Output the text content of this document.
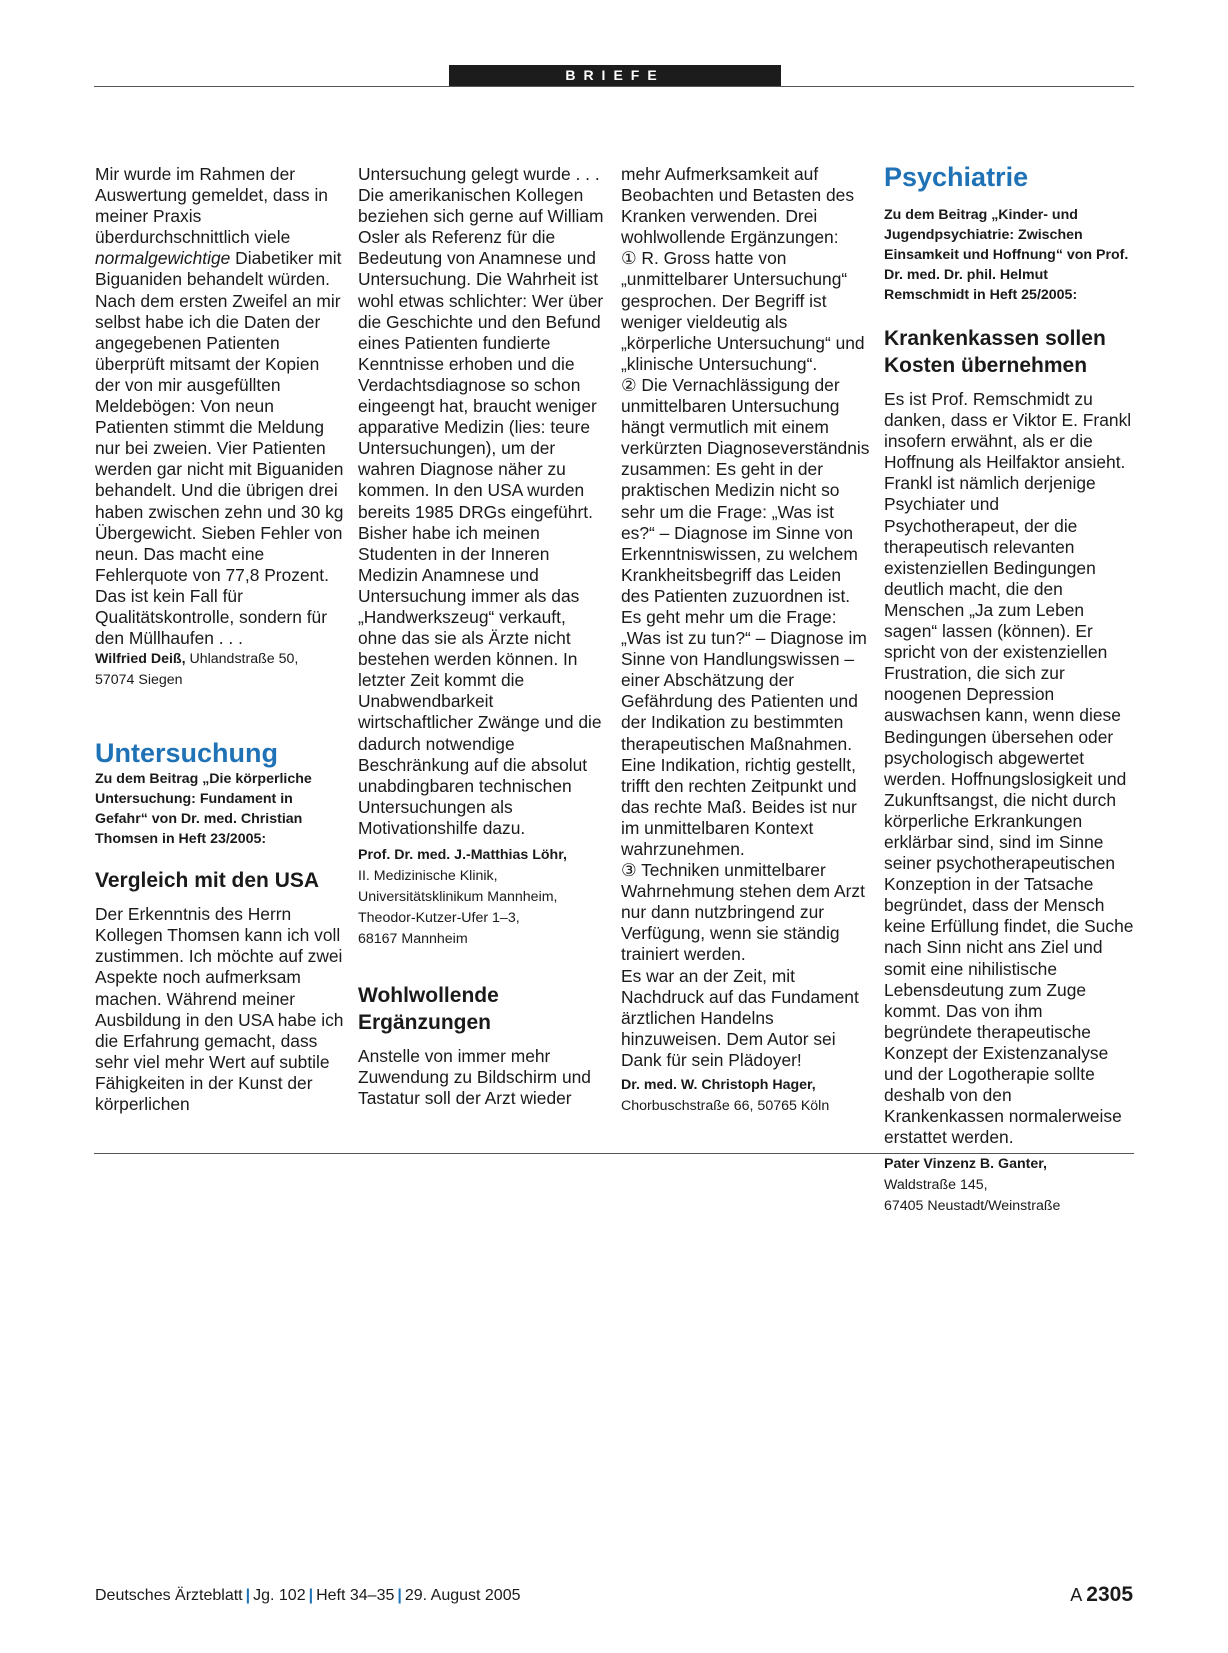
BRIEFE

Mir wurde im Rahmen der Auswertung gemeldet, dass in meiner Praxis überdurchschnittlich viele normalgewichtige Diabetiker mit Biguaniden behandelt würden. Nach dem ersten Zweifel an mir selbst habe ich die Daten der angegebenen Patienten überprüft mitsamt der Kopien der von mir ausgefüllten Meldebögen: Von neun Patienten stimmt die Meldung nur bei zweien. Vier Patienten werden gar nicht mit Biguaniden behandelt. Und die übrigen drei haben zwischen zehn und 30 kg Übergewicht. Sieben Fehler von neun. Das macht eine Fehlerquote von 77,8 Prozent. Das ist kein Fall für Qualitätskontrolle, sondern für den Müllhaufen . . .

Wilfried Deiß, Uhlandstraße 50,
57074 Siegen

Untersuchung

Zu dem Beitrag „Die körperliche Untersuchung: Fundament in Gefahr“ von Dr. med. Christian Thomsen in Heft 23/2005:

Vergleich mit den USA

Der Erkenntnis des Herrn Kollegen Thomsen kann ich voll zustimmen. Ich möchte auf zwei Aspekte noch aufmerksam machen. Während meiner Ausbildung in den USA habe ich die Erfahrung gemacht, dass sehr viel mehr Wert auf subtile Fähigkeiten in der Kunst der körperlichen

Untersuchung gelegt wurde . . . Die amerikanischen Kollegen beziehen sich gerne auf William Osler als Referenz für die Bedeutung von Anamnese und Untersuchung. Die Wahrheit ist wohl etwas schlichter: Wer über die Geschichte und den Befund eines Patienten fundierte Kenntnisse erhoben und die Verdachtsdiagnose so schon eingeengt hat, braucht weniger apparative Medizin (lies: teure Untersuchungen), um der wahren Diagnose näher zu kommen. In den USA wurden bereits 1985 DRGs eingeführt. Bisher habe ich meinen Studenten in der Inneren Medizin Anamnese und Untersuchung immer als das „Handwerkszeug“ verkauft, ohne das sie als Ärzte nicht bestehen werden können. In letzter Zeit kommt die Unabwendbarkeit wirtschaftlicher Zwänge und die dadurch notwendige Beschränkung auf die absolut unabdingbaren technischen Untersuchungen als Motivationshilfe dazu.

Prof. Dr. med. J.-Matthias Löhr,

II. Medizinische Klinik,
Universitätsklinikum Mannheim,
Theodor-Kutzer-Ufer 1–3,
68167 Mannheim
Wohlwollende Ergänzungen

Anstelle von immer mehr Zuwendung zu Bildschirm und Tastatur soll der Arzt wieder

mehr Aufmerksamkeit auf Beobachten und Betasten des Kranken verwenden. Drei wohlwollende Ergänzungen:

① R. Gross hatte von „unmittelbarer Untersuchung“ gesprochen. Der Begriff ist weniger vieldeutig als „körperliche Untersuchung“ und „klinische Untersuchung“.

② Die Vernachlässigung der unmittelbaren Untersuchung hängt vermutlich mit einem verkürzten Diagnoseverständnis zusammen: Es geht in der praktischen Medizin nicht so sehr um die Frage: „Was ist es?“ – Diagnose im Sinne von Erkenntniswissen, zu welchem Krankheitsbegriff das Leiden des Patienten zuzuordnen ist. Es geht mehr um die Frage: „Was ist zu tun?“ – Diagnose im Sinne von Handlungswissen – einer Abschätzung der Gefährdung des Patienten und der Indikation zu bestimmten therapeutischen Maßnahmen. Eine Indikation, richtig gestellt, trifft den rechten Zeitpunkt und das rechte Maß. Beides ist nur im unmittelbaren Kontext wahrzunehmen.

③ Techniken unmittelbarer Wahrnehmung stehen dem Arzt nur dann nutzbringend zur Verfügung, wenn sie ständig trainiert werden.

Es war an der Zeit, mit Nachdruck auf das Fundament ärztlichen Handelns hinzuweisen. Dem Autor sei Dank für sein Plädoyer!

Dr. med. W. Christoph Hager,

Chorbuschstraße 66, 50765 Köln
Psychiatrie

Zu dem Beitrag „Kinder- und Jugendpsychiatrie: Zwischen Einsamkeit und Hoffnung“ von Prof. Dr. med. Dr. phil. Helmut Remschmidt in Heft 25/2005:

Krankenkassen sollen Kosten übernehmen

Es ist Prof. Remschmidt zu danken, dass er Viktor E. Frankl insofern erwähnt, als er die Hoffnung als Heilfaktor ansieht. Frankl ist nämlich derjenige Psychiater und Psychotherapeut, der die therapeutisch relevanten existenziellen Bedingungen deutlich macht, die den Menschen „Ja zum Leben sagen“ lassen (können). Er spricht von der existenziellen Frustration, die sich zur noogenen Depression auswachsen kann, wenn diese Bedingungen übersehen oder psychologisch abgewertet werden. Hoffnungslosigkeit und Zukunftsangst, die nicht durch körperliche Erkrankungen erklärbar sind, sind im Sinne seiner psychotherapeutischen Konzeption in der Tatsache begründet, dass der Mensch keine Erfüllung findet, die Suche nach Sinn nicht ans Ziel und somit eine nihilistische Lebensdeutung zum Zuge kommt. Das von ihm begründete therapeutische Konzept der Existenzanalyse und der Logotherapie sollte deshalb von den Krankenkassen normalerweise erstattet werden.

Pater Vinzenz B. Ganter,

Waldstraße 145,
67405 Neustadt/Weinstraße
Deutsches Ärzteblatt | Jg. 102 | Heft 34–35 | 29. August 2005	A 2305
